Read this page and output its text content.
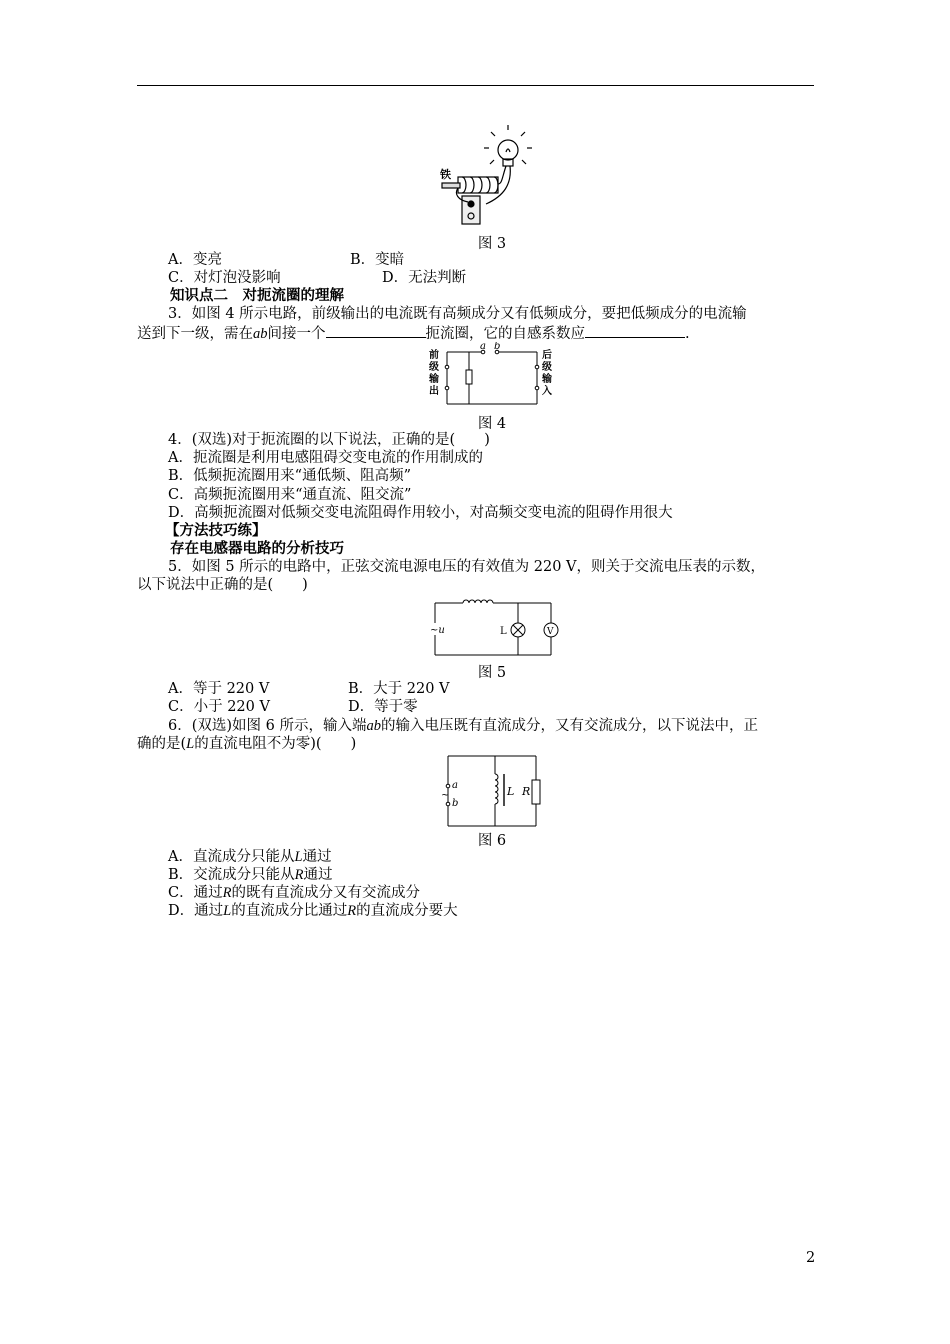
铁
图 3
A．变亮	B．变暗
C．对灯泡没影响	D．无法判断
知识点二　对扼流圈的理解
3．如图 4 所示电路，前级输出的电流既有高频成分又有低频成分，要把低频成分的电流输
送到下一级，需在ab间接一个	扼流圈，它的自感系数应	.
a b
前
级
输
出
后
级
输
入
图 4
4．(双选)对于扼流圈的以下说法，正确的是(　　)
A．扼流圈是利用电感阻碍交变电流的作用制成的
B．低频扼流圈用来“通低频、阻高频”
C．高频扼流圈用来“通直流、阻交流”
D．高频扼流圈对低频交变电流阻碍作用较小，对高频交变电流的阻碍作用很大
【方法技巧练】
存在电感器电路的分析技巧
5．如图 5 所示的电路中，正弦交流电源电压的有效值为 220 V，则关于交流电压表的示数，
以下说法中正确的是(　　)
~u	L	V
图 5
A．等于 220 V	B．大于 220 V
C．小于 220 V	D．等于零
6．(双选)如图 6 所示，输入端ab的输入电压既有直流成分，又有交流成分，以下说法中，正
确的是(L的直流电阻不为零)(　　)
a
~
b
L R
图 6
A．直流成分只能从L通过
B．交流成分只能从R通过
C．通过R的既有直流成分又有交流成分
D．通过L的直流成分比通过R的直流成分要大
2
